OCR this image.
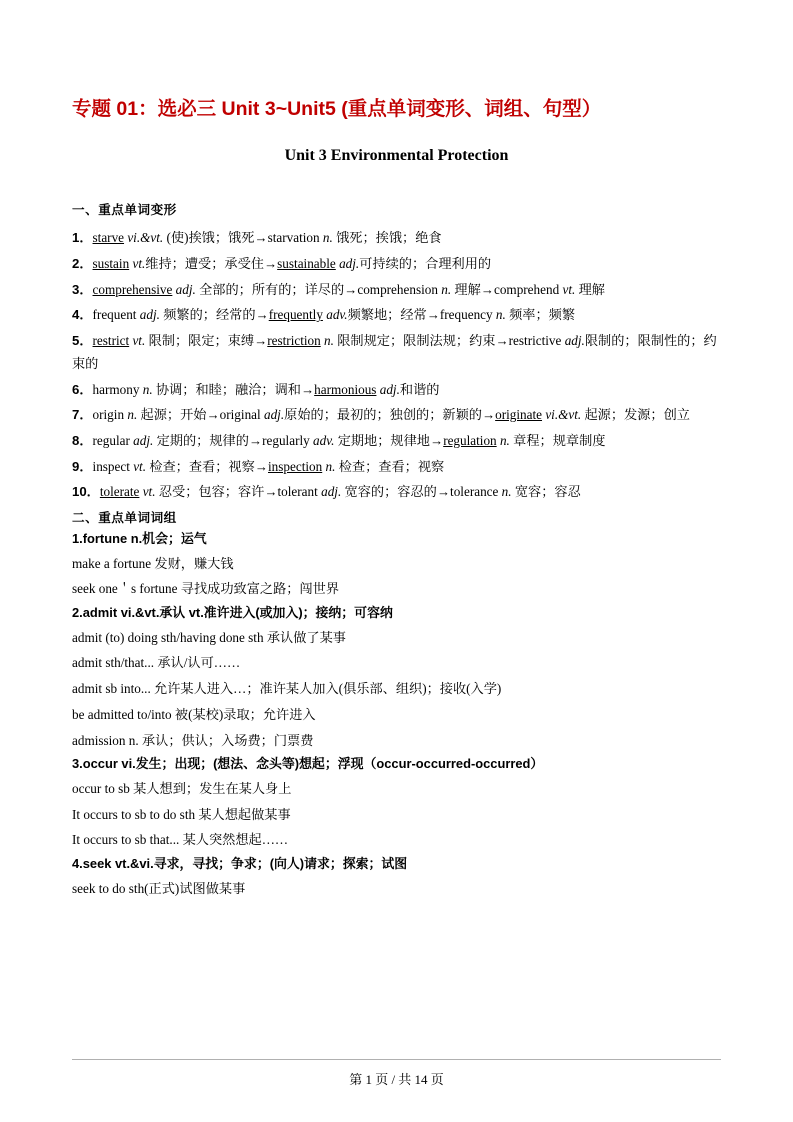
专题 01：选必三 Unit 3~Unit5 (重点单词变形、词组、句型）
Unit 3 Environmental Protection
一、重点单词变形

1．starve vi.&vt. (使)挨饿；饿死→starvation n. 饿死；挨饿；绝食

2．sustain vt.维持；遭受；承受住→sustainable adj.可持续的；合理利用的

3．comprehensive adj. 全部的；所有的；详尽的→comprehension n. 理解→comprehend vt. 理解

4．frequent adj. 频繁的；经常的→frequently adv.频繁地；经常→frequency n. 频率；频繁

5．restrict vt. 限制；限定；束缚→restriction n. 限制规定；限制法规；约束→restrictive adj.限制的；限制性的；约束的

6．harmony n. 协调；和睦；融洽；调和→harmonious adj.和谐的

7．origin n. 起源；开始→original adj.原始的；最初的；独创的；新颖的→originate vi.&vt. 起源；发源；创立

8．regular adj. 定期的；规律的→regularly adv. 定期地；规律地→regulation n. 章程；规章制度

9．inspect vt. 检查；查看；视察→inspection n. 检查；查看；视察

10．tolerate vt. 忍受；包容；容许→tolerant adj. 宽容的；容忍的→tolerance n. 宽容；容忍

二、重点单词词组

1.fortune n.机会；运气

make a fortune 发财，赚大钱

seek one＇s fortune 寻找成功致富之路；闯世界

2.admit vi.&vt.承认 vt.准许进入(或加入)；接纳；可容纳

admit (to) doing sth/having done sth 承认做了某事

admit sth/that... 承认/认可……

admit sb into... 允许某人进入…；准许某人加入(俱乐部、组织)；接收(入学)

be admitted to/into 被(某校)录取；允许进入

admission n. 承认；供认；入场费；门票费

3.occur vi.发生；出现；(想法、念头等)想起；浮现（occur-occurred-occurred）

occur to sb 某人想到；发生在某人身上

It occurs to sb to do sth 某人想起做某事

It occurs to sb that... 某人突然想起……

4.seek vt.&vi.寻求，寻找；争求；(向人)请求；探索；试图

seek to do sth(正式)试图做某事

第 1 页 / 共 14 页
